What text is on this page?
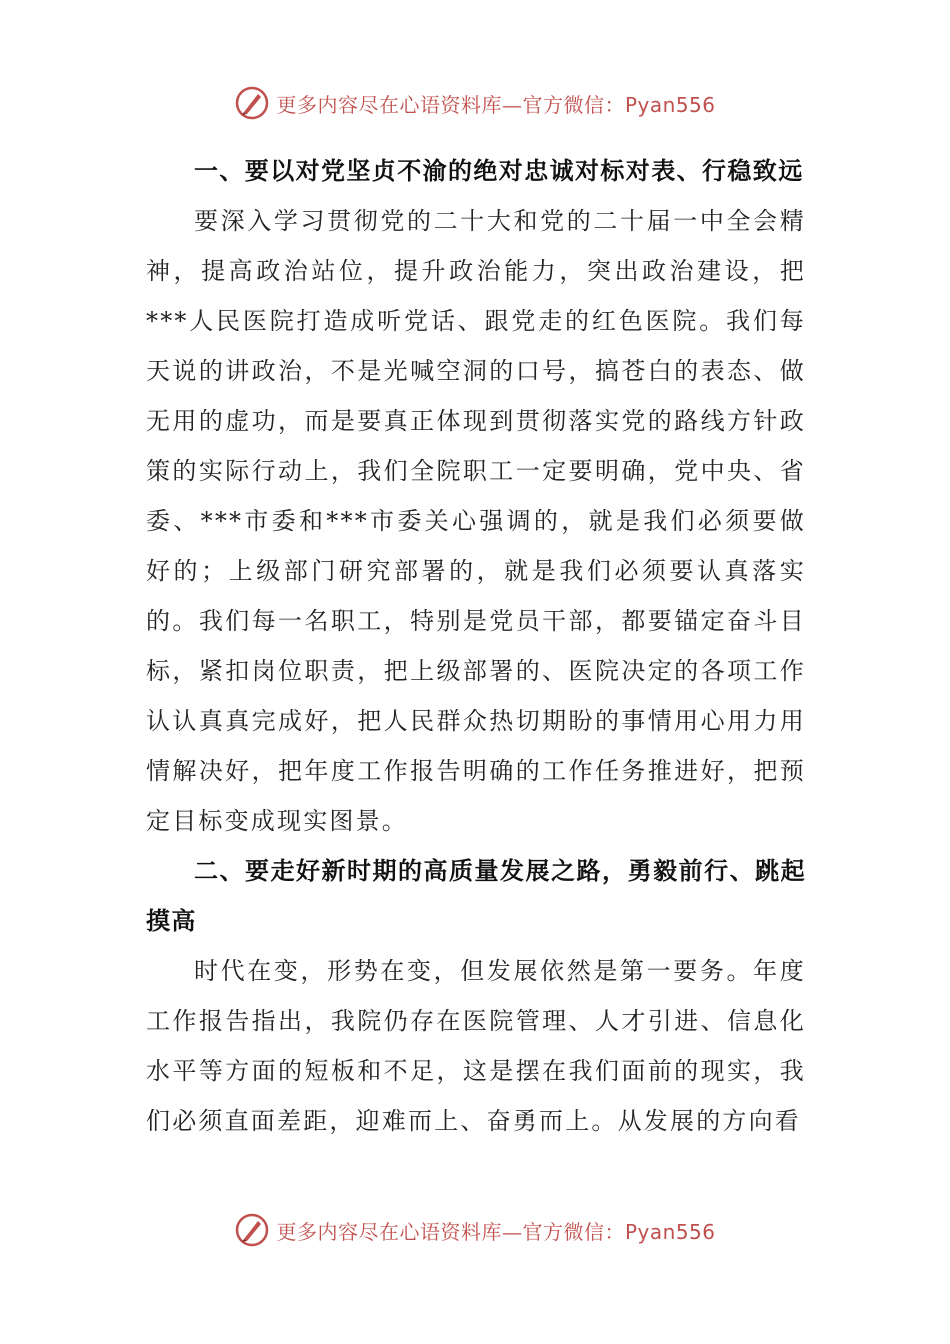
更多内容尽在心语资料库—官方微信：Pyan556

一、要以对党坚贞不渝的绝对忠诚对标对表、行稳致远

要深入学习贯彻党的二十大和党的二十届一中全会精神，提高政治站位，提升政治能力，突出政治建设，把***人民医院打造成听党话、跟党走的红色医院。我们每天说的讲政治，不是光喊空洞的口号，搞苍白的表态、做无用的虚功，而是要真正体现到贯彻落实党的路线方针政策的实际行动上，我们全院职工一定要明确，党中央、省委、***市委和***市委关心强调的，就是我们必须要做好的；上级部门研究部署的，就是我们必须要认真落实的。我们每一名职工，特别是党员干部，都要锚定奋斗目标，紧扣岗位职责，把上级部署的、医院决定的各项工作认认真真完成好，把人民群众热切期盼的事情用心用力用情解决好，把年度工作报告明确的工作任务推进好，把预定目标变成现实图景。

二、要走好新时期的高质量发展之路，勇毅前行、跳起摸高

时代在变，形势在变，但发展依然是第一要务。年度工作报告指出，我院仍存在医院管理、人才引进、信息化水平等方面的短板和不足，这是摆在我们面前的现实，我们必须直面差距，迎难而上、奋勇而上。从发展的方向看

更多内容尽在心语资料库—官方微信：Pyan556
